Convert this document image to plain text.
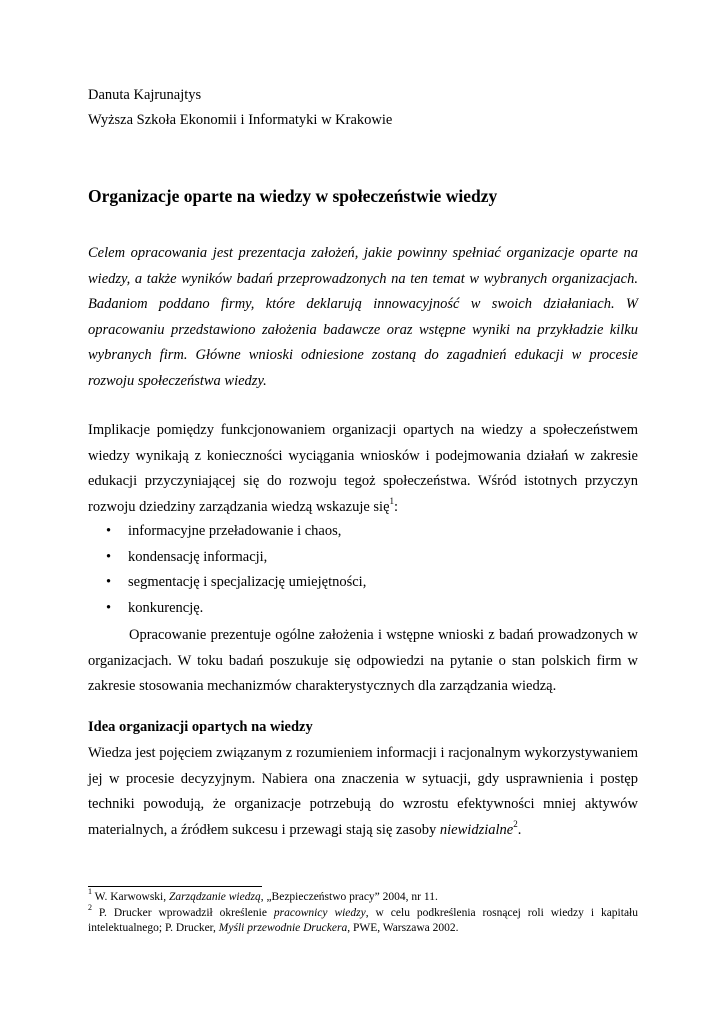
Danuta Kajrunajtys

Wyższa Szkoła Ekonomii i Informatyki w Krakowie

Organizacje oparte na wiedzy w społeczeństwie wiedzy

Celem opracowania jest prezentacja założeń, jakie powinny spełniać organizacje oparte na wiedzy, a także wyników badań przeprowadzonych na ten temat w wybranych organizacjach. Badaniom poddano firmy, które deklarują innowacyjność w swoich działaniach. W opracowaniu przedstawiono założenia badawcze oraz wstępne wyniki na przykładzie kilku wybranych firm. Główne wnioski odniesione zostaną do zagadnień edukacji w procesie rozwoju społeczeństwa wiedzy.

Implikacje pomiędzy funkcjonowaniem organizacji opartych na wiedzy a społeczeństwem wiedzy wynikają z konieczności wyciągania wniosków i podejmowania działań w zakresie edukacji przyczyniającej się do rozwoju tegoż społeczeństwa. Wśród istotnych przyczyn rozwoju dziedziny zarządzania wiedzą wskazuje się$^1$:

• informacyjne przeładowanie i chaos,
• kondensację informacji,
• segmentację i specjalizację umiejętności,
• konkurencję.

Opracowanie prezentuje ogólne założenia i wstępne wnioski z badań prowadzonych w organizacjach. W toku badań poszukuje się odpowiedzi na pytanie o stan polskich firm w zakresie stosowania mechanizmów charakterystycznych dla zarządzania wiedzą.

Idea organizacji opartych na wiedzy

Wiedza jest pojęciem związanym z rozumieniem informacji i racjonalnym wykorzystywaniem jej w procesie decyzyjnym. Nabiera ona znaczenia w sytuacji, gdy usprawnienia i postęp techniki powodują, że organizacje potrzebują do wzrostu efektywności mniej aktywów materialnych, a źródłem sukcesu i przewagi stają się zasoby niewidzialne$^2$.

$^1$ W. Karwowski, Zarządzanie wiedzą, „Bezpieczeństwo pracy” 2004, nr 11.

$^2$ P. Drucker wprowadził określenie pracownicy wiedzy, w celu podkreślenia rosnącej roli wiedzy i kapitału intelektualnego; P. Drucker, Myśli przewodnie Druckera, PWE, Warszawa 2002.
